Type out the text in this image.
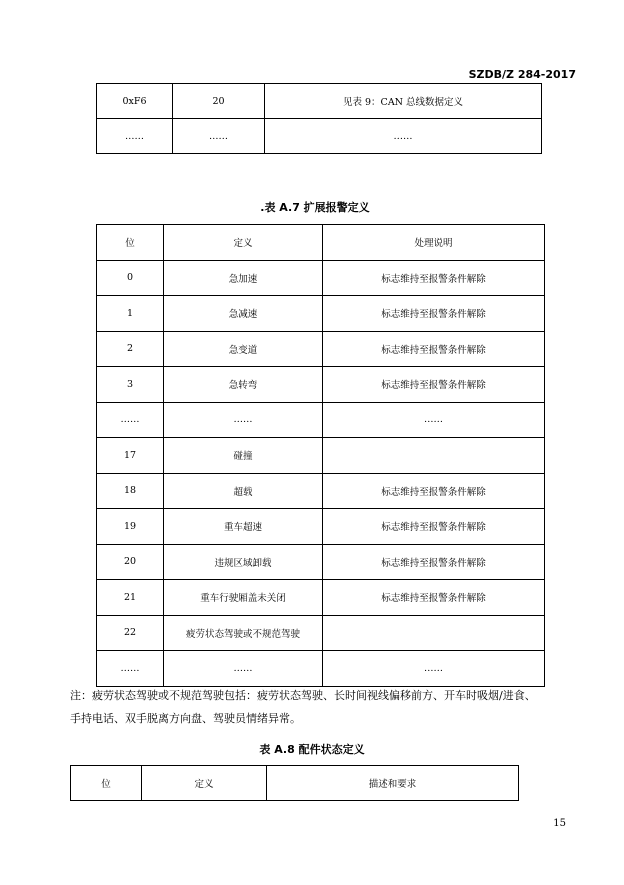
SZDB/Z 284-2017
0xF6	20	见表 9：CAN 总线数据定义
……	……	……
.表 A.7 扩展报警定义
位	定义	处理说明
0	急加速	标志维持至报警条件解除
1	急减速	标志维持至报警条件解除
2	急变道	标志维持至报警条件解除
3	急转弯	标志维持至报警条件解除
……	……	……
17	碰撞	
18	超载	标志维持至报警条件解除
19	重车超速	标志维持至报警条件解除
20	违规区域卸载	标志维持至报警条件解除
21	重车行驶厢盖未关闭	标志维持至报警条件解除
22	疲劳状态驾驶或不规范驾驶	
……	……	……
注：疲劳状态驾驶或不规范驾驶包括：疲劳状态驾驶、长时间视线偏移前方、开车时吸烟/进食、
手持电话、双手脱离方向盘、驾驶员情绪异常。
表 A.8 配件状态定义
位	定义	描述和要求
15
